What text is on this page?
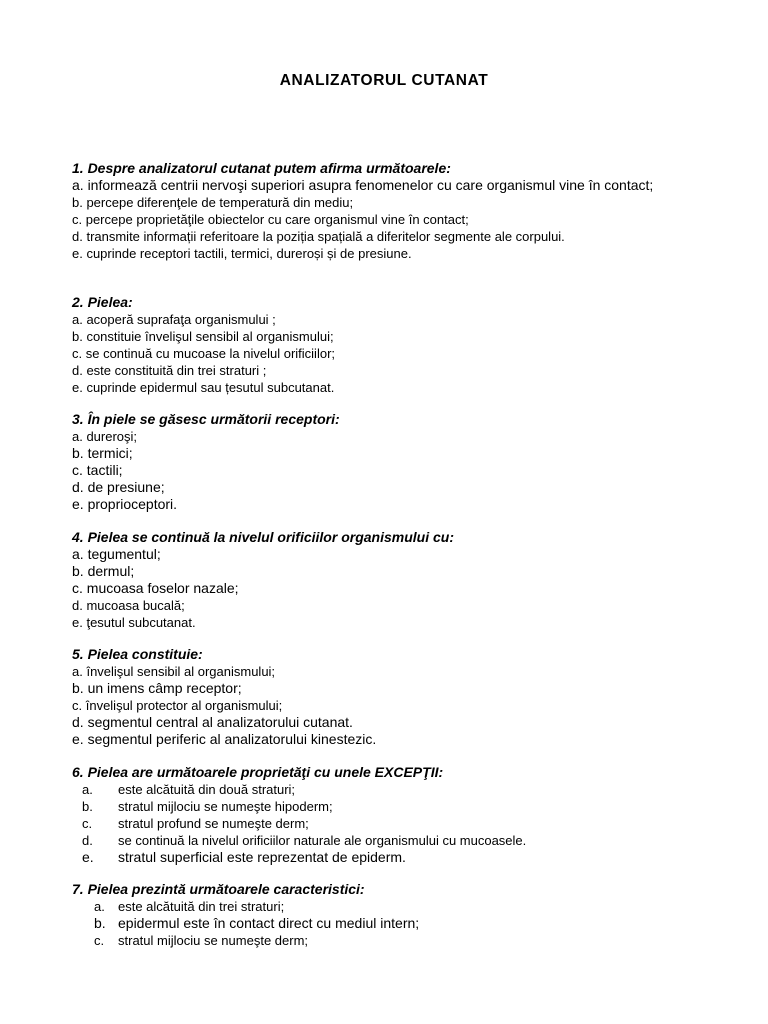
ANALIZATORUL CUTANAT
1. Despre analizatorul cutanat putem afirma următoarele:
a. informează centrii nervoşi superiori asupra fenomenelor cu care organismul vine în contact;
b. percepe diferenţele de temperatură din mediu;
c. percepe proprietăţile obiectelor cu care organismul vine în contact;
d. transmite informații referitoare la poziția spațială a diferitelor segmente ale corpului.
e. cuprinde receptori tactili, termici, dureroși și de presiune.
2. Pielea:
a. acoperă suprafaţa organismului ;
b. constituie învelişul sensibil al organismului;
c. se continuă cu mucoase la nivelul orificiilor;
d. este constituită din trei straturi ;
e. cuprinde epidermul sau țesutul subcutanat.
3. În piele se găsesc următorii receptori:
a. dureroşi;
b. termici;
c. tactili;
d. de presiune;
e. proprioceptori.
4. Pielea se continuă la nivelul orificiilor organismului cu:
a. tegumentul;
b. dermul;
c. mucoasa foselor nazale;
d. mucoasa bucală;
e. ţesutul subcutanat.
5. Pielea constituie:
a. învelişul sensibil al organismului;
b. un imens câmp receptor;
c. învelişul protector al organismului;
d. segmentul central al analizatorului cutanat.
e. segmentul periferic al analizatorului kinestezic.
6. Pielea are următoarele proprietăţi cu unele EXCEPŢII:
a.	este alcătuită din două straturi;
b.	stratul mijlociu se numeşte hipoderm;
c.	stratul profund se numeşte derm;
d.	se continuă la nivelul orificiilor naturale ale organismului cu mucoasele.
e.	stratul superficial este reprezentat de epiderm.
7. Pielea prezintă următoarele caracteristici:
a.	este alcătuită din trei straturi;
b. epidermul este în contact direct cu mediul intern;
c.	stratul mijlociu se numeşte derm;
